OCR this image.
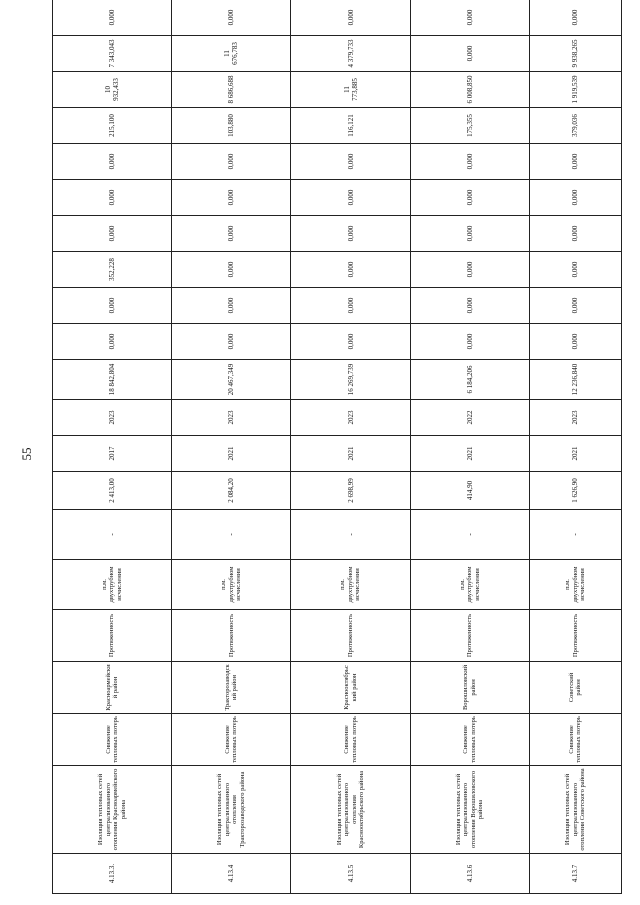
55
4.13.3.	Изоляция тепловых сетей централизованного отопления Красноармейского района	Снижение тепловых потерь	Красноармейский район	Протяженность	п.м. двухтрубном исчислении	-	2 413,00	2017	2023	18 842,804	0,000	0,000	352,228	0,000	0,000	0,000	215,100	10 932,433	7 343,043	0,000	
4.13.4	Изоляция тепловых сетей централизованного отопления Тракторозаводского района	Снижение тепловых потерь	Тракторозаводский район	Протяженность	п.м. двухтрубном исчислении	-	2 084,20	2021	2023	20 467,349	0,000	0,000	0,000	0,000	0,000	0,000	103,880	8 686,688	11 676,783	0,000	
4.13.5	Изоляция тепловых сетей централизованного отопления Краснооктябрьского района	Снижение тепловых потерь	Краснооктябрьский район	Протяженность	п.м. двухтрубном исчислении	-	2 698,99	2021	2023	16 269,739	0,000	0,000	0,000	0,000	0,000	0,000	116,121	11 773,885	4 379,733	0,000	
4.13.6	Изоляция тепловых сетей централизованного отопления Ворошиловского района	Снижение тепловых потерь	Ворошиловский район	Протяженность	п.м. двухтрубном исчислении	-	414,90	2021	2022	6 184,206	0,000	0,000	0,000	0,000	0,000	0,000	175,355	6 008,850	0,000	0,000	
4.13.7	Изоляция тепловых сетей централизованного отопления Советского района	Снижение тепловых потерь	Советский район	Протяженность	п.м. двухтрубном исчислении	-	1 626,90	2021	2023	12 236,840	0,000	0,000	0,000	0,000	0,000	0,000	379,036	1 919,539	9 938,265	0,000	
